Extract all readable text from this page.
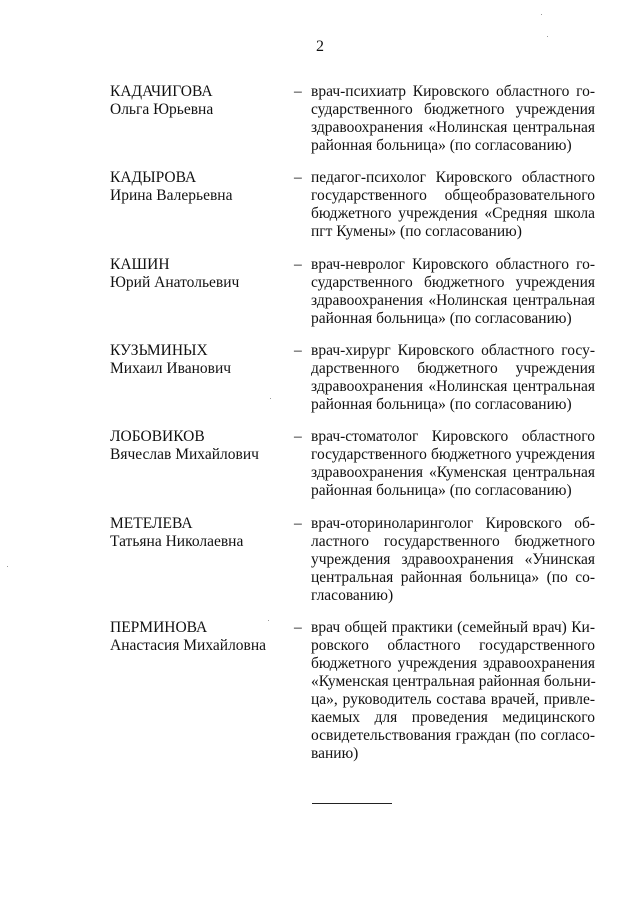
2
КАДАЧИГОВА
Ольга Юрьевна
– врач-психиатр Кировского областного го-
сударственного бюджетного учреждения
здравоохранения «Нолинская центральная
районная больница» (по согласованию)
КАДЫРОВА
Ирина Валерьевна
– педагог-психолог Кировского областного
государственного общеобразовательного
бюджетного учреждения «Средняя школа
пгт Кумены» (по согласованию)
КАШИН
Юрий Анатольевич
– врач-невролог Кировского областного го-
сударственного бюджетного учреждения
здравоохранения «Нолинская центральная
районная больница» (по согласованию)
КУЗЬМИНЫХ
Михаил Иванович
– врач-хирург Кировского областного госу-
дарственного бюджетного учреждения
здравоохранения «Нолинская центральная
районная больница» (по согласованию)
ЛОБОВИКОВ
Вячеслав Михайлович
– врач-стоматолог Кировского областного
государственного бюджетного учреждения
здравоохранения «Куменская центральная
районная больница» (по согласованию)
МЕТЕЛЕВА
Татьяна Николаевна
– врач-оториноларинголог Кировского об-
ластного государственного бюджетного
учреждения здравоохранения «Унинская
центральная районная больница» (по со-
гласованию)
ПЕРМИНОВА
Анастасия Михайловна
– врач общей практики (семейный врач) Ки-
ровского областного государственного
бюджетного учреждения здравоохранения
«Куменская центральная районная больни-
ца», руководитель состава врачей, привле-
каемых для проведения медицинского
освидетельствования граждан (по согласо-
ванию)
